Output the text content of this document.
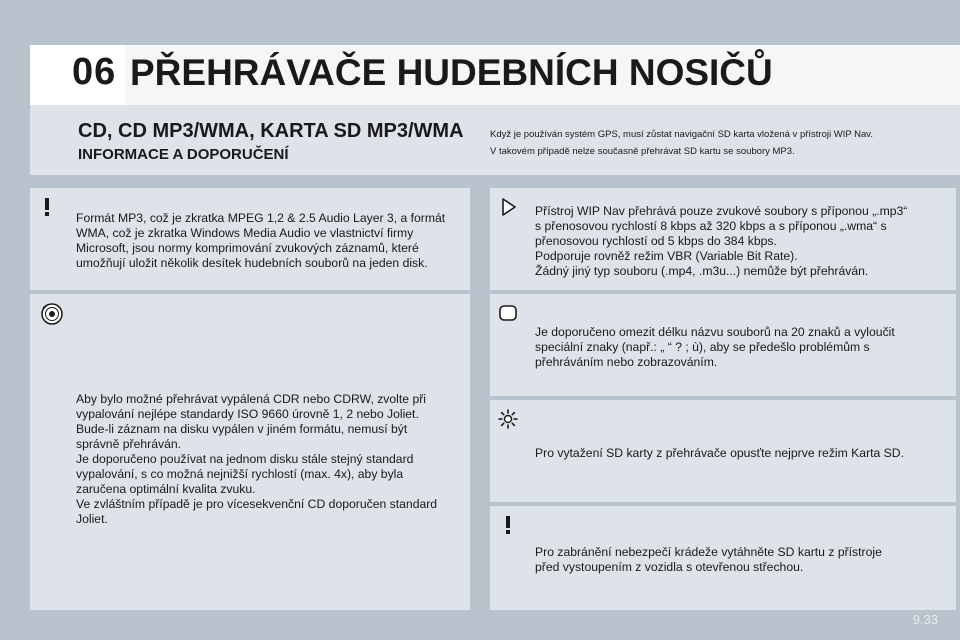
06 PŘEHRÁVAČE HUDEBNÍCH NOSIČŮ
CD, CD MP3/WMA, KARTA SD MP3/WMA
INFORMACE A DOPORUČENÍ
Když je používán systém GPS, musí zůstat navigační SD karta vložená v přístroji WIP Nav.
V takovém případě nelze současně přehrávat SD kartu se soubory MP3.
Formát MP3, což je zkratka MPEG 1,2 & 2.5 Audio Layer 3, a formát
WMA, což je zkratka Windows Media Audio ve vlastnictví firmy
Microsoft, jsou normy komprimování zvukových záznamů, které
umožňují uložit několik desítek hudebních souborů na jeden disk.
Aby bylo možné přehrávat vypálená CDR nebo CDRW, zvolte při
vypalování nejlépe standardy ISO 9660 úrovně 1, 2 nebo Joliet.
Bude-li záznam na disku vypálen v jiném formátu, nemusí být
správně přehráván.
Je doporučeno používat na jednom disku stále stejný standard
vypalování, s co možná nejnižší rychlostí (max. 4x), aby byla
zaručena optimální kvalita zvuku.
Ve zvláštním případě je pro vícesekvenční CD doporučen standard
Joliet.
Přístroj WIP Nav přehrává pouze zvukové soubory s příponou „.mp3“
s přenosovou rychlostí 8 kbps až 320 kbps a s příponou „.wma“ s
přenosovou rychlostí od 5 kbps do 384 kbps.
Podporuje rovněž režim VBR (Variable Bit Rate).
Žádný jiný typ souboru (.mp4, .m3u...) nemůže být přehráván.
Je doporučeno omezit délku názvu souborů na 20 znaků a vyloučit
speciální znaky (např.: „ “ ? ; ù), aby se předešlo problémům s
přehráváním nebo zobrazováním.
Pro vytažení SD karty z přehrávače opusťte nejprve režim Karta SD.
Pro zabránění nebezpečí krádeže vytáhněte SD kartu z přístroje
před vystoupením z vozidla s otevřenou střechou.
9.33
